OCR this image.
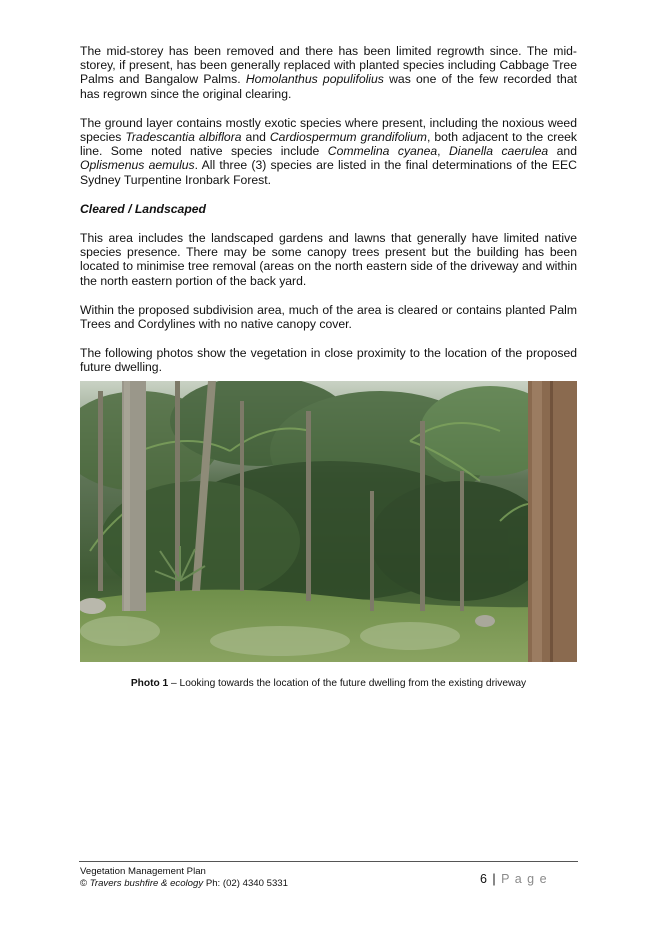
The mid-storey has been removed and there has been limited regrowth since. The mid-storey, if present, has been generally replaced with planted species including Cabbage Tree Palms and Bangalow Palms. Homolanthus populifolius was one of the few recorded that has regrown since the original clearing.

The ground layer contains mostly exotic species where present, including the noxious weed species Tradescantia albiflora and Cardiospermum grandifolium, both adjacent to the creek line. Some noted native species include Commelina cyanea, Dianella caerulea and Oplismenus aemulus. All three (3) species are listed in the final determinations of the EEC Sydney Turpentine Ironbark Forest.

Cleared / Landscaped

This area includes the landscaped gardens and lawns that generally have limited native species presence. There may be some canopy trees present but the building has been located to minimise tree removal (areas on the north eastern side of the driveway and within the north eastern portion of the back yard.

Within the proposed subdivision area, much of the area is cleared or contains planted Palm Trees and Cordylines with no native canopy cover.

The following photos show the vegetation in close proximity to the location of the proposed future dwelling.

Photo 1 – Looking towards the location of the future dwelling from the existing driveway
Vegetation Management Plan
© Travers bushfire & ecology Ph: (02) 4340 5331	6 | P a g e
